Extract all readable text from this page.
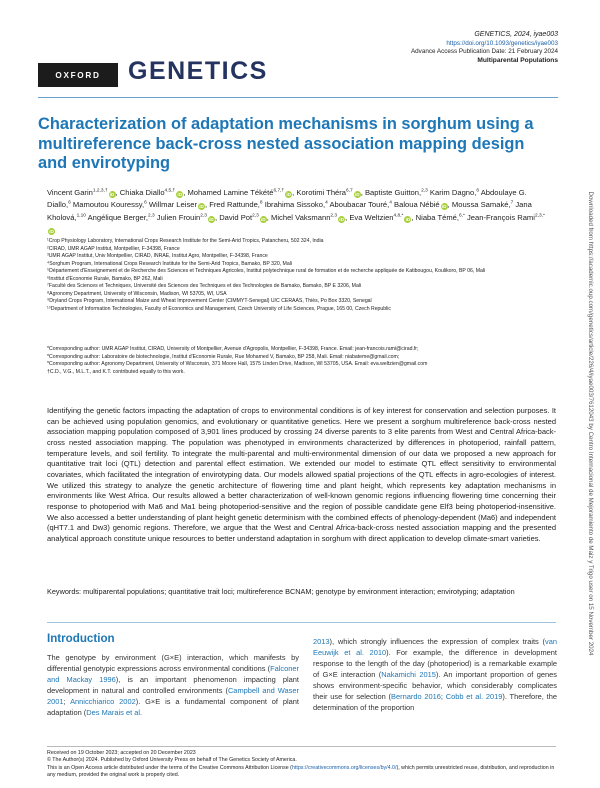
GENETICS, 2024, iyae003
https://doi.org/10.1093/genetics/iyae003
Advance Access Publication Date: 21 February 2024
Multiparental Populations
OXFORD	GENETICS
Characterization of adaptation mechanisms in sorghum using a multireference back-cross nested association mapping design and envirotyping
Vincent Garin$^{1,2,3,\dagger}$iD, Chiaka Diallo$^{4,5,\dagger}$iD, Mohamed Lamine Tékété$^{6,7,\dagger}$iD, Korotimi Théra$^{6,7}$iD, Baptiste Guitton,$^{2,3}$ Karim Dagno,$^6$ Abdoulaye G. Diallo,$^6$ Mamoutou Kouressy,$^6$ Willmar Leiser iD, Fred Rattunde,$^8$ Ibrahima Sissoko,$^4$ Aboubacar Touré,$^4$ Baloua Nébié iD, Moussa Samaké,$^7$ Jana Kholová,$^{1,10}$ Angélique Berger,$^{2,3}$ Julien Frouin$^{2,3}$iD, David Pot$^{2,3}$iD, Michel Vaksmann$^{2,3}$iD, Eva Weltzien$^{4,8,*}$iD, Niaba Témé,$^{6,*}$ Jean-François Rami$^{2,3,*}$iD
¹Crop Physiology Laboratory, International Crops Research Institute for the Semi-Arid Tropics, Patancheru, 502 324, India
²CIRAD, UMR AGAP Institut, Montpellier, F-34398, France
³UMR AGAP Institut, Univ Montpellier, CIRAD, INRAE, Institut Agro, Montpellier, F-34398, France
⁴Sorghum Program, International Crops Research Institute for the Semi-Arid Tropics, Bamako, BP 320, Mali
⁵Département d'Enseignement et de Recherche des Sciences et Techniques Agricoles, Institut polytechnique rural de formation et de recherche appliquée de Katibougou, Koulikoro, BP 06, Mali
⁶Institut d'Economie Rurale, Bamako, BP 262, Mali
⁷Faculté des Sciences et Techniques, Université des Sciences des Techniques et des Technologies de Bamako, Bamako, BP E 3206, Mali
⁸Agronomy Department, University of Wisconsin, Madison, WI 53705, WI, USA
⁹Dryland Crops Program, International Maize and Wheat Improvement Center (CIMMYT-Senegal) U/C CERAAS, Thiès, Po Box 3320, Senegal
¹⁰Department of Information Technologies, Faculty of Economics and Management, Czech University of Life Sciences, Prague, 165 00, Czech Republic
*Corresponding author: UMR AGAP Institut, CIRAD, University of Montpellier, Avenue d'Agropolis, Montpellier, F-34398, France. Email: jean-francois.rami@cirad.fr;
*Corresponding author: Laboratoire de biotechnologie, Institut d'Economie Rurale, Rue Mohamed V, Bamako, BP 258, Mali. Email: niabateme@gmail.com;
*Corresponding author: Agronomy Department, University of Wisconsin, 371 Moore Hall, 1575 Linden Drive, Madison, WI 53705, USA. Email: eva.weltzien@gmail.com
†C.D., V.G., M.L.T., and K.T. contributed equally to this work.
Identifying the genetic factors impacting the adaptation of crops to environmental conditions is of key interest for conservation and selection purposes. It can be achieved using population genomics, and evolutionary or quantitative genetics. Here we present a sorghum multireference back-cross nested association mapping population composed of 3,901 lines produced by crossing 24 diverse parents to 3 elite parents from West and Central Africa-back-cross nested association mapping. The population was phenotyped in environments characterized by differences in photoperiod, rainfall pattern, temperature levels, and soil fertility. To integrate the multi-parental and multi-environmental dimension of our data we proposed a new approach for quantitative trait loci (QTL) detection and parental effect estimation. We extended our model to estimate QTL effect sensitivity to environmental covariates, which facilitated the integration of envirotyping data. Our models allowed spatial projections of the QTL effects in agro-ecologies of interest. We utilized this strategy to analyze the genetic architecture of flowering time and plant height, which represents key adaptation mechanisms in environments like West Africa. Our results allowed a better characterization of well-known genomic regions influencing flowering time concerning their response to photoperiod with Ma6 and Ma1 being photoperiod-sensitive and the region of possible candidate gene Elf3 being photoperiod-insensitive. We also accessed a better understanding of plant height genetic determinism with the combined effects of phenology-dependent (Ma6) and independent (qHT7.1 and Dw3) genomic regions. Therefore, we argue that the West and Central Africa-back-cross nested association mapping and the presented analytical approach constitute unique resources to better understand adaptation in sorghum with direct application to develop climate-smart varieties.
Keywords: multiparental populations; quantitative trait loci; multireference BCNAM; genotype by environment interaction; envirotyping; adaptation
Introduction
The genotype by environment (G×E) interaction, which manifests by differential genotypic expressions across environmental conditions (Falconer and Mackay 1996), is an important phenomenon impacting plant development in natural and controlled environments (Campbell and Waser 2001; Annicchiarico 2002). G×E is a fundamental component of plant adaptation (Des Marais et al.
2013), which strongly influences the expression of complex traits (van Eeuwijk et al. 2010). For example, the difference in development response to the length of the day (photoperiod) is a remarkable example of G×E interaction (Nakamichi 2015). An important proportion of genes shows environment-specific behavior, which considerably complicates their use for selection (Bernardo 2016; Cobb et al. 2019). Therefore, the determination of the proportion
Received on 19 October 2023; accepted on 20 December 2023
© The Author(s) 2024. Published by Oxford University Press on behalf of The Genetics Society of America.
This is an Open Access article distributed under the terms of the Creative Commons Attribution License (https://creativecommons.org/licenses/by/4.0/), which permits unrestricted reuse, distribution, and reproduction in any medium, provided the original work is properly cited.
Downloaded from https://academic.oup.com/genetics/article/226/4/iyae003/7612043 by Centro Internacional de Mejoramiento de Maiz y Trigo user on 15 November 2024
